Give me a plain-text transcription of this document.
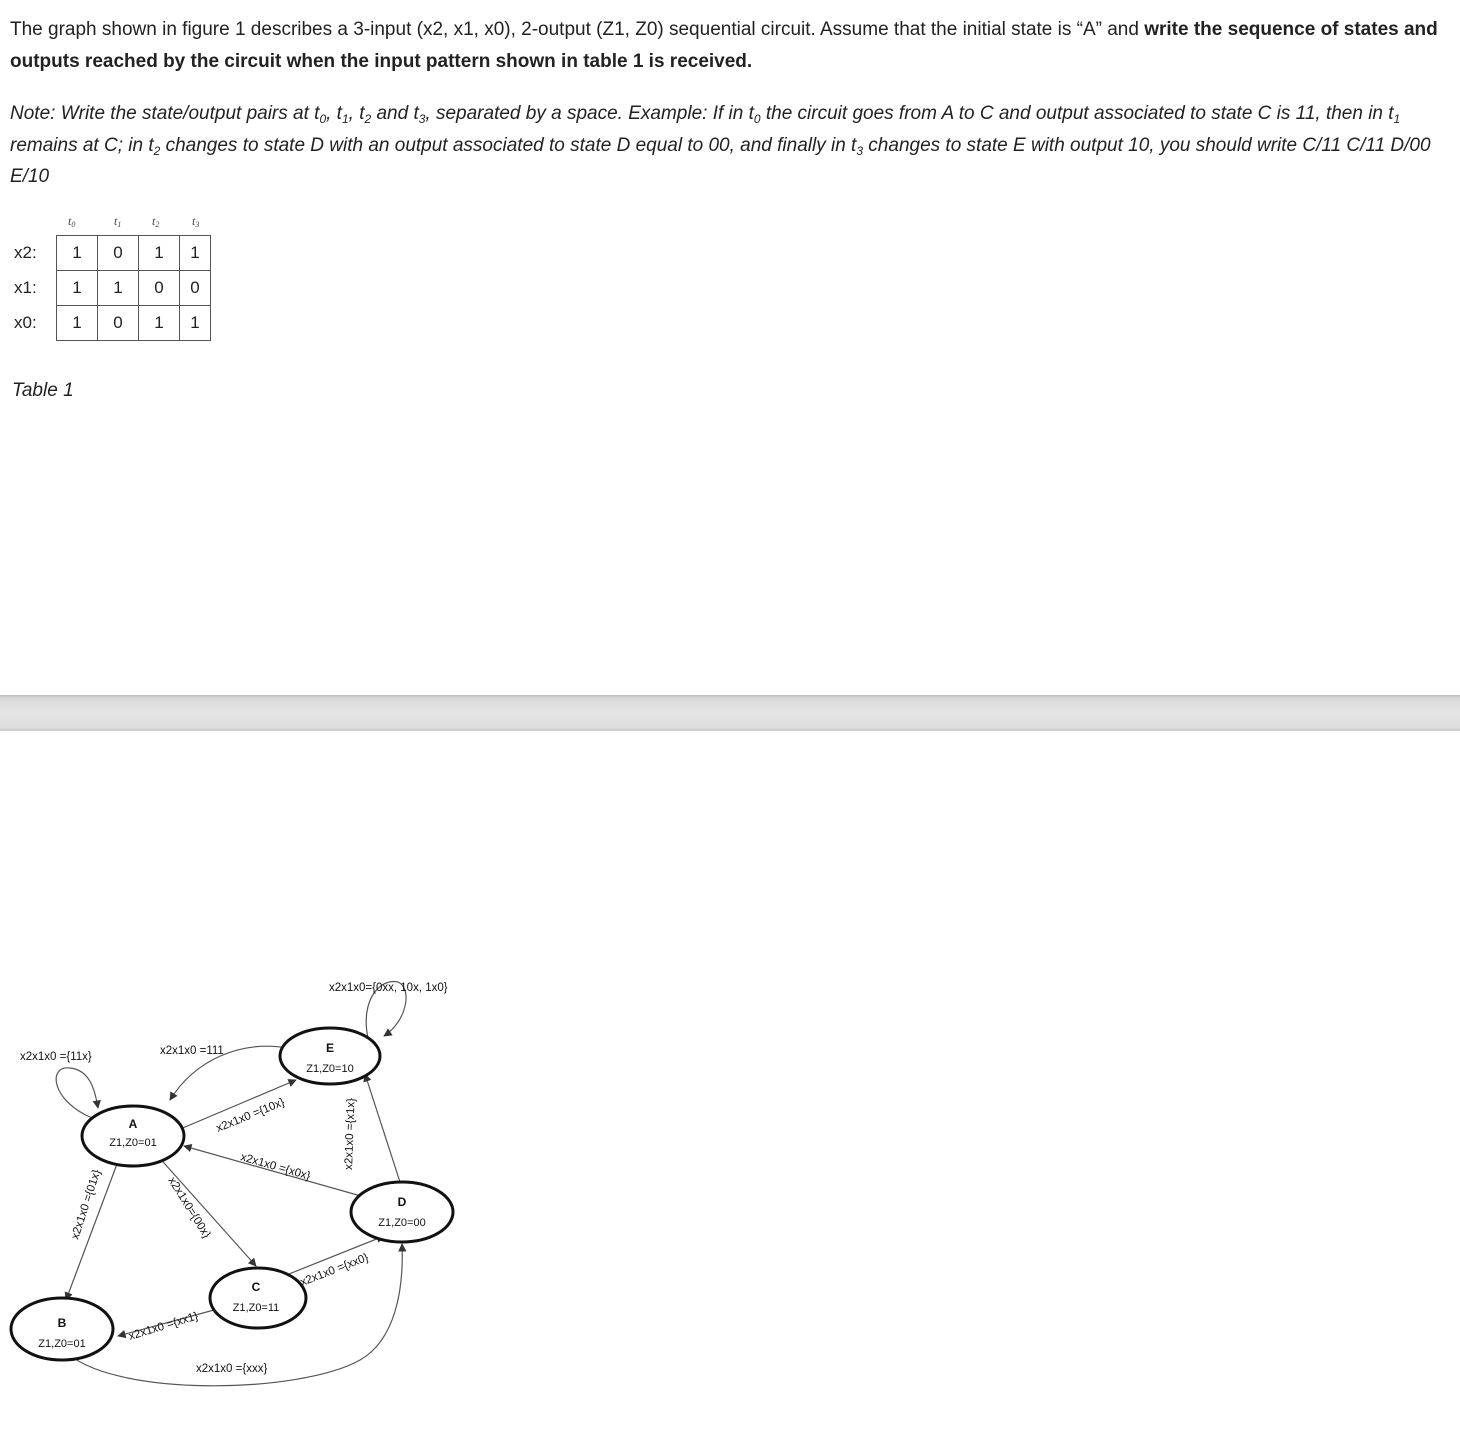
The graph shown in figure 1 describes a 3-input (x2, x1, x0), 2-output (Z1, Z0) sequential circuit. Assume that the initial state is “A” and write the sequence of states and outputs reached by the circuit when the input pattern shown in table 1 is received.

Note: Write the state/output pairs at $t_0$, $t_1$, $t_2$ and $t_3$, separated by a space. Example: If in $t_0$ the circuit goes from A to C and output associated to state C is 11, then in $t_1$ remains at C; in $t_2$ changes to state D with an output associated to state D equal to 00, and finally in $t_3$ changes to state E with output 10, you should write C/11 C/11 D/00 E/10

$t_0$	$t_1$	$t_2$	$t_3$
x2:	1	0	1	1
x1:	1	1	0	0
x0:	1	0	1	1
Table 1
E
Z1,Z0=10
A
Z1,Z0=01
D
Z1,Z0=00
C
Z1,Z0=11
B
Z1,Z0=01
x2x1x0 ={11x}	x2x1x0 =111
x2x1x0={0xx, 10x, 1x0}
x2x1x0 ={10x}
x2x1x0 ={x0x}	x2x1x0 ={x1x}
x2x1x0 ={01x}	x2x1x0={00x}
x2x1x0 ={xx0}
x2x1x0 ={xx1}
x2x1x0 ={xxx}
